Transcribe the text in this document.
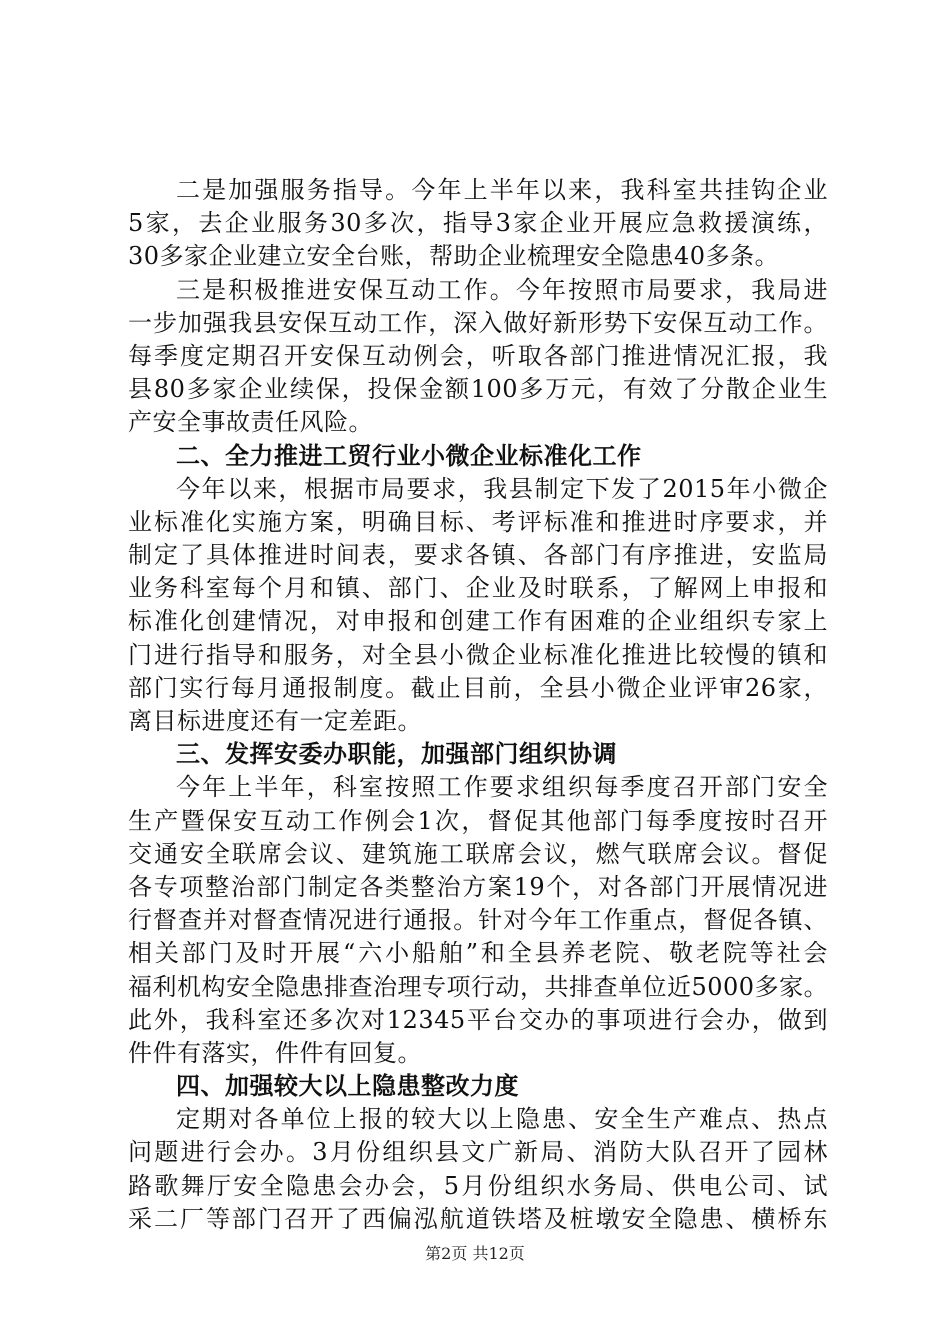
二是加强服务指导。今年上半年以来，我科室共挂钩企业
5家，去企业服务30多次，指导3家企业开展应急救援演练，
30多家企业建立安全台账，帮助企业梳理安全隐患40多条。
三是积极推进安保互动工作。今年按照市局要求，我局进
一步加强我县安保互动工作，深入做好新形势下安保互动工作。
每季度定期召开安保互动例会，听取各部门推进情况汇报，我
县80多家企业续保，投保金额100多万元，有效了分散企业生
产安全事故责任风险。
二、全力推进工贸行业小微企业标准化工作
今年以来，根据市局要求，我县制定下发了2015年小微企
业标准化实施方案，明确目标、考评标准和推进时序要求，并
制定了具体推进时间表，要求各镇、各部门有序推进，安监局
业务科室每个月和镇、部门、企业及时联系，了解网上申报和
标准化创建情况，对申报和创建工作有困难的企业组织专家上
门进行指导和服务，对全县小微企业标准化推进比较慢的镇和
部门实行每月通报制度。截止目前，全县小微企业评审26家，
离目标进度还有一定差距。
三、发挥安委办职能，加强部门组织协调
今年上半年，科室按照工作要求组织每季度召开部门安全
生产暨保安互动工作例会1次，督促其他部门每季度按时召开
交通安全联席会议、建筑施工联席会议，燃气联席会议。督促
各专项整治部门制定各类整治方案19个，对各部门开展情况进
行督查并对督查情况进行通报。针对今年工作重点，督促各镇、
相关部门及时开展“六小船舶”和全县养老院、敬老院等社会
福利机构安全隐患排查治理专项行动，共排查单位近5000多家。
此外，我科室还多次对12345平台交办的事项进行会办，做到
件件有落实，件件有回复。
四、加强较大以上隐患整改力度
定期对各单位上报的较大以上隐患、安全生产难点、热点
问题进行会办。3月份组织县文广新局、消防大队召开了园林
路歌舞厅安全隐患会办会，5月份组织水务局、供电公司、试
采二厂等部门召开了西偏泓航道铁塔及桩墩安全隐患、横桥东
第2页 共12页
